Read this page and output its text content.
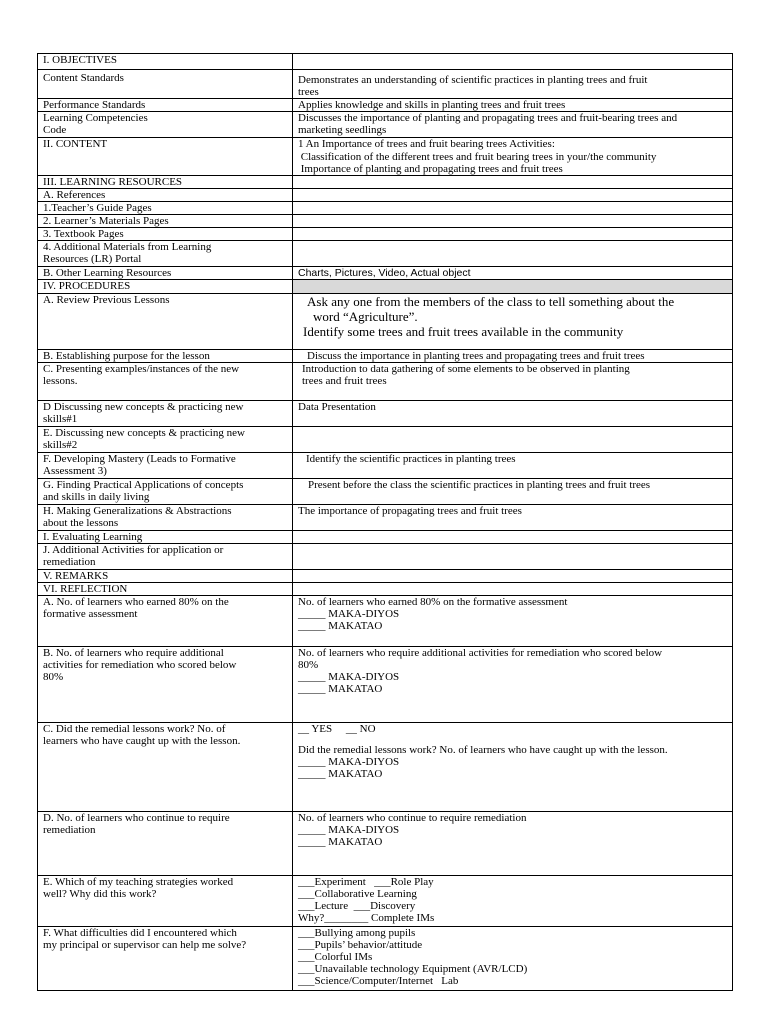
I. OBJECTIVES	

Content Standards	Demonstrates an understanding of scientific practices in planting trees and fruit
trees

Performance Standards	Applies knowledge and skills in planting trees and fruit trees

Learning Competencies
Code	Discusses the importance of planting and propagating trees and fruit-bearing trees and
marketing seedlings

II. CONTENT	1 An Importance of trees and fruit bearing trees Activities:
Classification of the different trees and fruit bearing trees in your/the community
Importance of planting and propagating trees and fruit trees

III. LEARNING RESOURCES	

A. References	

1.Teacher’s Guide Pages	

2. Learner’s Materials Pages	

3. Textbook Pages	

4. Additional Materials from Learning
Resources (LR) Portal	

B. Other Learning Resources	Charts, Pictures, Video, Actual object

IV. PROCEDURES	

A. Review Previous Lessons	Ask any one from the members of the class to tell something about the
word “Agriculture”.
Identify some trees and fruit trees available in the community

B. Establishing purpose for the lesson	Discuss the importance in planting trees and propagating trees and fruit trees

C. Presenting examples/instances of the new
lessons.	Introduction to data gathering of some elements to be observed in planting
trees and fruit trees

D Discussing new concepts & practicing new
skills#1	Data Presentation

E. Discussing new concepts & practicing new
skills#2	

F. Developing Mastery (Leads to Formative
Assessment 3)	Identify the scientific practices in planting trees

G. Finding Practical Applications of concepts
and skills in daily living	Present before the class the scientific practices in planting trees and fruit trees

H. Making Generalizations & Abstractions
about the lessons	The importance of propagating trees and fruit trees

I. Evaluating Learning	

J. Additional Activities for application or
remediation	

V. REMARKS	

VI. REFLECTION	

A. No. of learners who earned 80% on the
formative assessment	No. of learners who earned 80% on the formative assessment
_____ MAKA-DIYOS
_____ MAKATAO

B. No. of learners who require additional
activities for remediation who scored below
80%	No. of learners who require additional activities for remediation who scored below
80%
_____ MAKA-DIYOS
_____ MAKATAO

C. Did the remedial lessons work? No. of
learners who have caught up with the lesson.	__ YES     __ NO
Did the remedial lessons work? No. of learners who have caught up with the lesson.
_____ MAKA-DIYOS
_____ MAKATAO

D. No. of learners who continue to require
remediation	No. of learners who continue to require remediation
_____ MAKA-DIYOS
_____ MAKATAO

E. Which of my teaching strategies worked
well? Why did this work?	___Experiment   ___Role Play
___Collaborative Learning
___Lecture  ___Discovery
Why?________ Complete IMs

F. What difficulties did I encountered which
my principal or supervisor can help me solve?	___Bullying among pupils
___Pupils’ behavior/attitude
___Colorful IMs
___Unavailable technology Equipment (AVR/LCD)
___Science/Computer/Internet   Lab
